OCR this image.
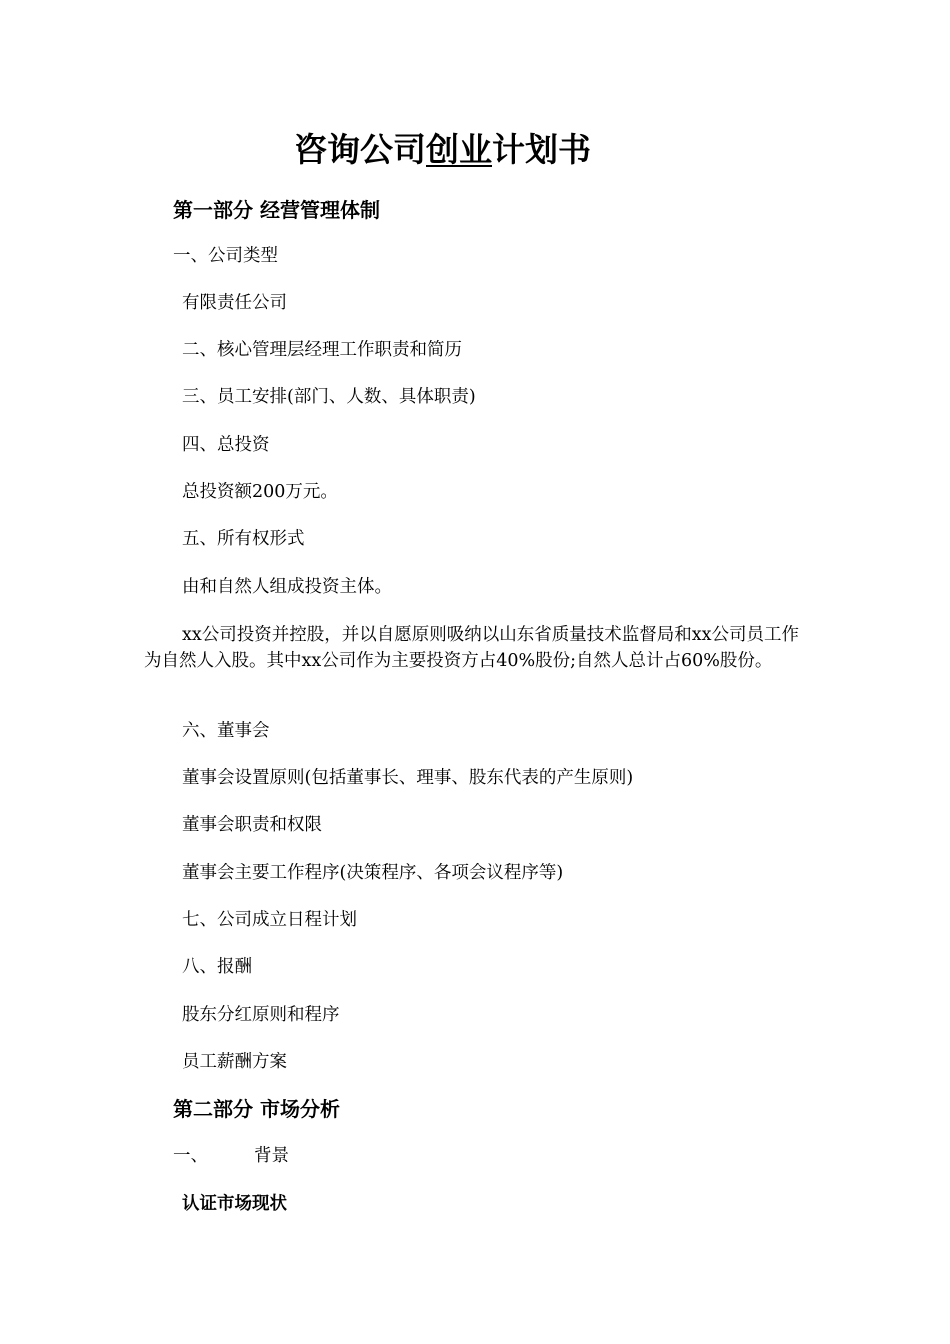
咨询公司创业计划书
第一部分 经营管理体制
一、公司类型
有限责任公司
二、核心管理层经理工作职责和简历
三、员工安排(部门、人数、具体职责)
四、总投资
总投资额200万元。
五、所有权形式
由和自然人组成投资主体。

xx公司投资并控股，并以自愿原则吸纳以山东省质量技术监督局和xx公司员工作为自然人入股。其中xx公司作为主要投资方占40%股份;自然人总计占60%股份。

六、董事会
董事会设置原则(包括董事长、理事、股东代表的产生原则)
董事会职责和权限
董事会主要工作程序(决策程序、各项会议程序等)
七、公司成立日程计划
八、报酬
股东分红原则和程序
员工薪酬方案
第二部分 市场分析
一、	背景
认证市场现状
